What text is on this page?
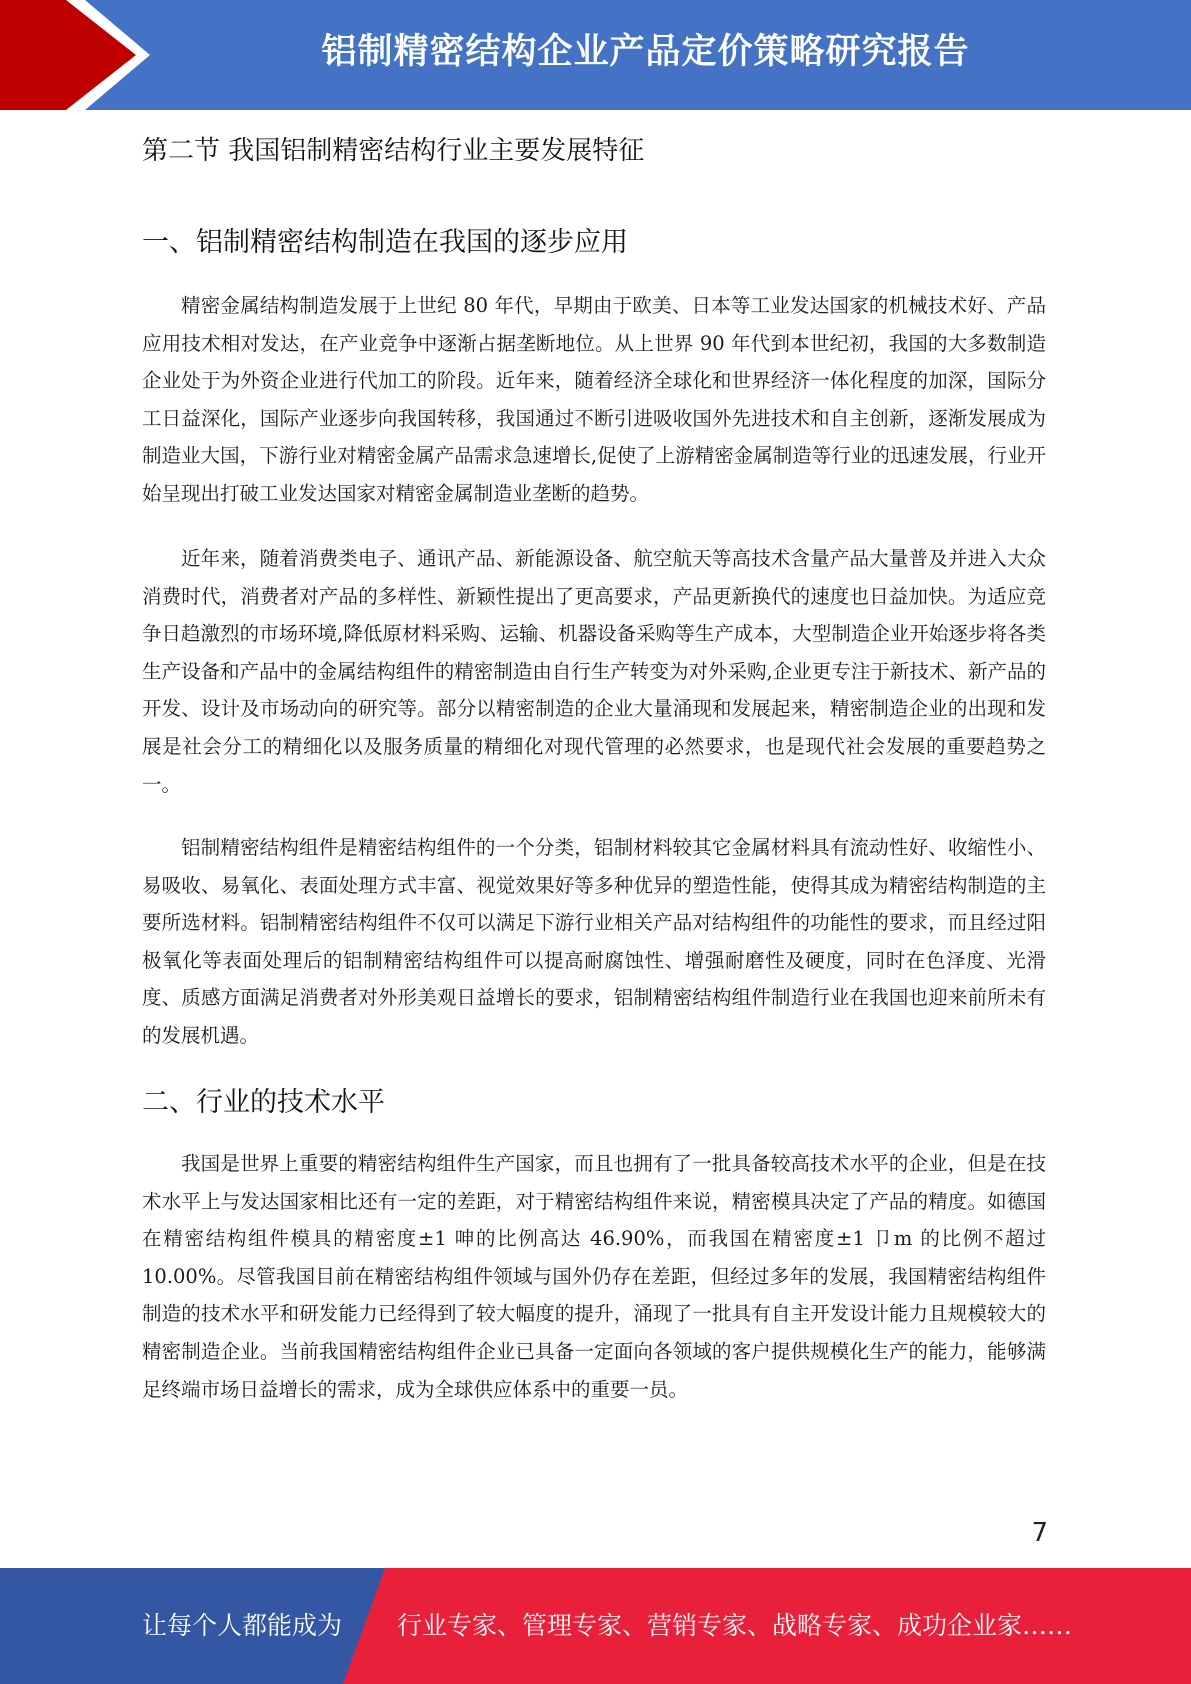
铝制精密结构企业产品定价策略研究报告
第二节 我国铝制精密结构行业主要发展特征
一、铝制精密结构制造在我国的逐步应用

精密金属结构制造发展于上世纪 80 年代，早期由于欧美、日本等工业发达国家的机械技术好、产品应用技术相对发达，在产业竞争中逐渐占据垄断地位。从上世界 90 年代到本世纪初，我国的大多数制造企业处于为外资企业进行代加工的阶段。近年来，随着经济全球化和世界经济一体化程度的加深，国际分工日益深化，国际产业逐步向我国转移，我国通过不断引进吸收国外先进技术和自主创新，逐渐发展成为制造业大国，下游行业对精密金属产品需求急速增长,促使了上游精密金属制造等行业的迅速发展，行业开始呈现出打破工业发达国家对精密金属制造业垄断的趋势。

近年来，随着消费类电子、通讯产品、新能源设备、航空航天等高技术含量产品大量普及并进入大众消费时代，消费者对产品的多样性、新颖性提出了更高要求，产品更新换代的速度也日益加快。为适应竞争日趋激烈的市场环境,降低原材料采购、运输、机器设备采购等生产成本，大型制造企业开始逐步将各类生产设备和产品中的金属结构组件的精密制造由自行生产转变为对外采购,企业更专注于新技术、新产品的开发、设计及市场动向的研究等。部分以精密制造的企业大量涌现和发展起来，精密制造企业的出现和发展是社会分工的精细化以及服务质量的精细化对现代管理的必然要求，也是现代社会发展的重要趋势之一。

铝制精密结构组件是精密结构组件的一个分类，铝制材料较其它金属材料具有流动性好、收缩性小、易吸收、易氧化、表面处理方式丰富、视觉效果好等多种优异的塑造性能，使得其成为精密结构制造的主要所选材料。铝制精密结构组件不仅可以满足下游行业相关产品对结构组件的功能性的要求，而且经过阳极氧化等表面处理后的铝制精密结构组件可以提高耐腐蚀性、增强耐磨性及硬度，同时在色泽度、光滑度、质感方面满足消费者对外形美观日益增长的要求，铝制精密结构组件制造行业在我国也迎来前所未有的发展机遇。

二、行业的技术水平

我国是世界上重要的精密结构组件生产国家，而且也拥有了一批具备较高技术水平的企业，但是在技术水平上与发达国家相比还有一定的差距，对于精密结构组件来说，精密模具决定了产品的精度。如德国在精密结构组件模具的精密度±1 呻的比例高达 46.90%，而我国在精密度±1 卩m 的比例不超过 10.00%。尽管我国目前在精密结构组件领域与国外仍存在差距，但经过多年的发展，我国精密结构组件制造的技术水平和研发能力已经得到了较大幅度的提升，涌现了一批具有自主开发设计能力且规模较大的精密制造企业。当前我国精密结构组件企业已具备一定面向各领域的客户提供规模化生产的能力，能够满足终端市场日益增长的需求，成为全球供应体系中的重要一员。

7
让每个人都能成为 行业专家、管理专家、营销专家、战略专家、成功企业家……
